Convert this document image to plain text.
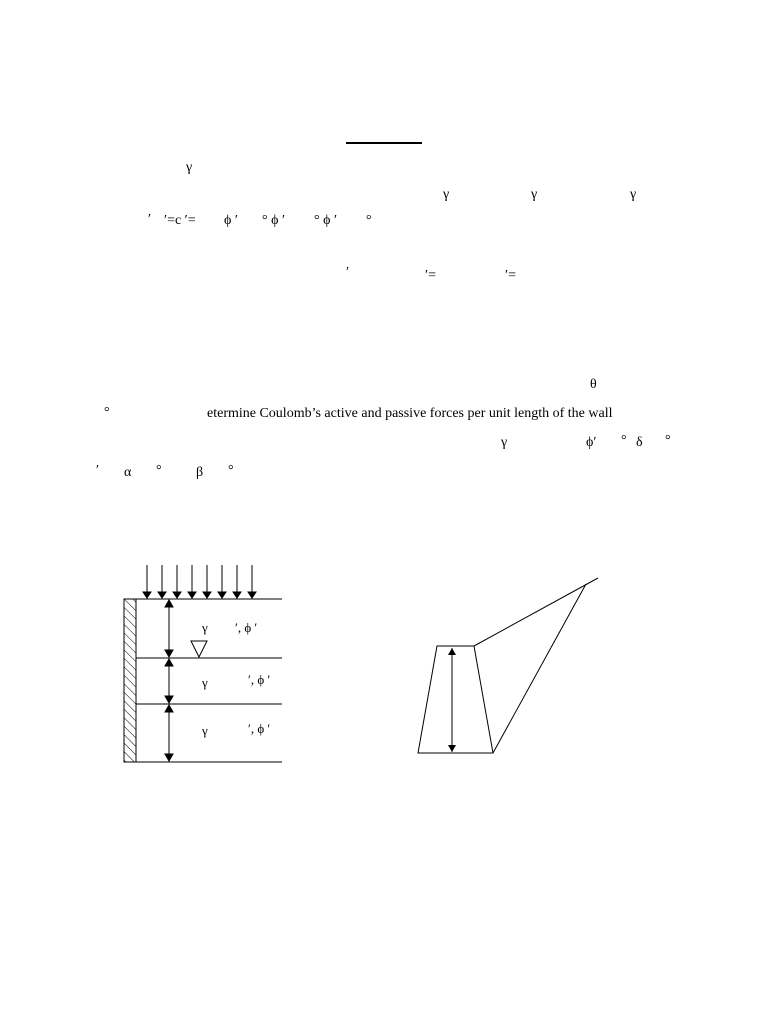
γ
γ	γ	γ
′ ′=c ′= ϕ ′ ° ϕ ′ ° ϕ ′ °
′	′=	′=
θ
°	etermine Coulomb’s active and passive forces per unit length of the wall
γ	ϕ′ ° δ °
′ α ° β °
γ ′, ϕ ′
γ	′, ϕ ′
γ	′, ϕ ′
